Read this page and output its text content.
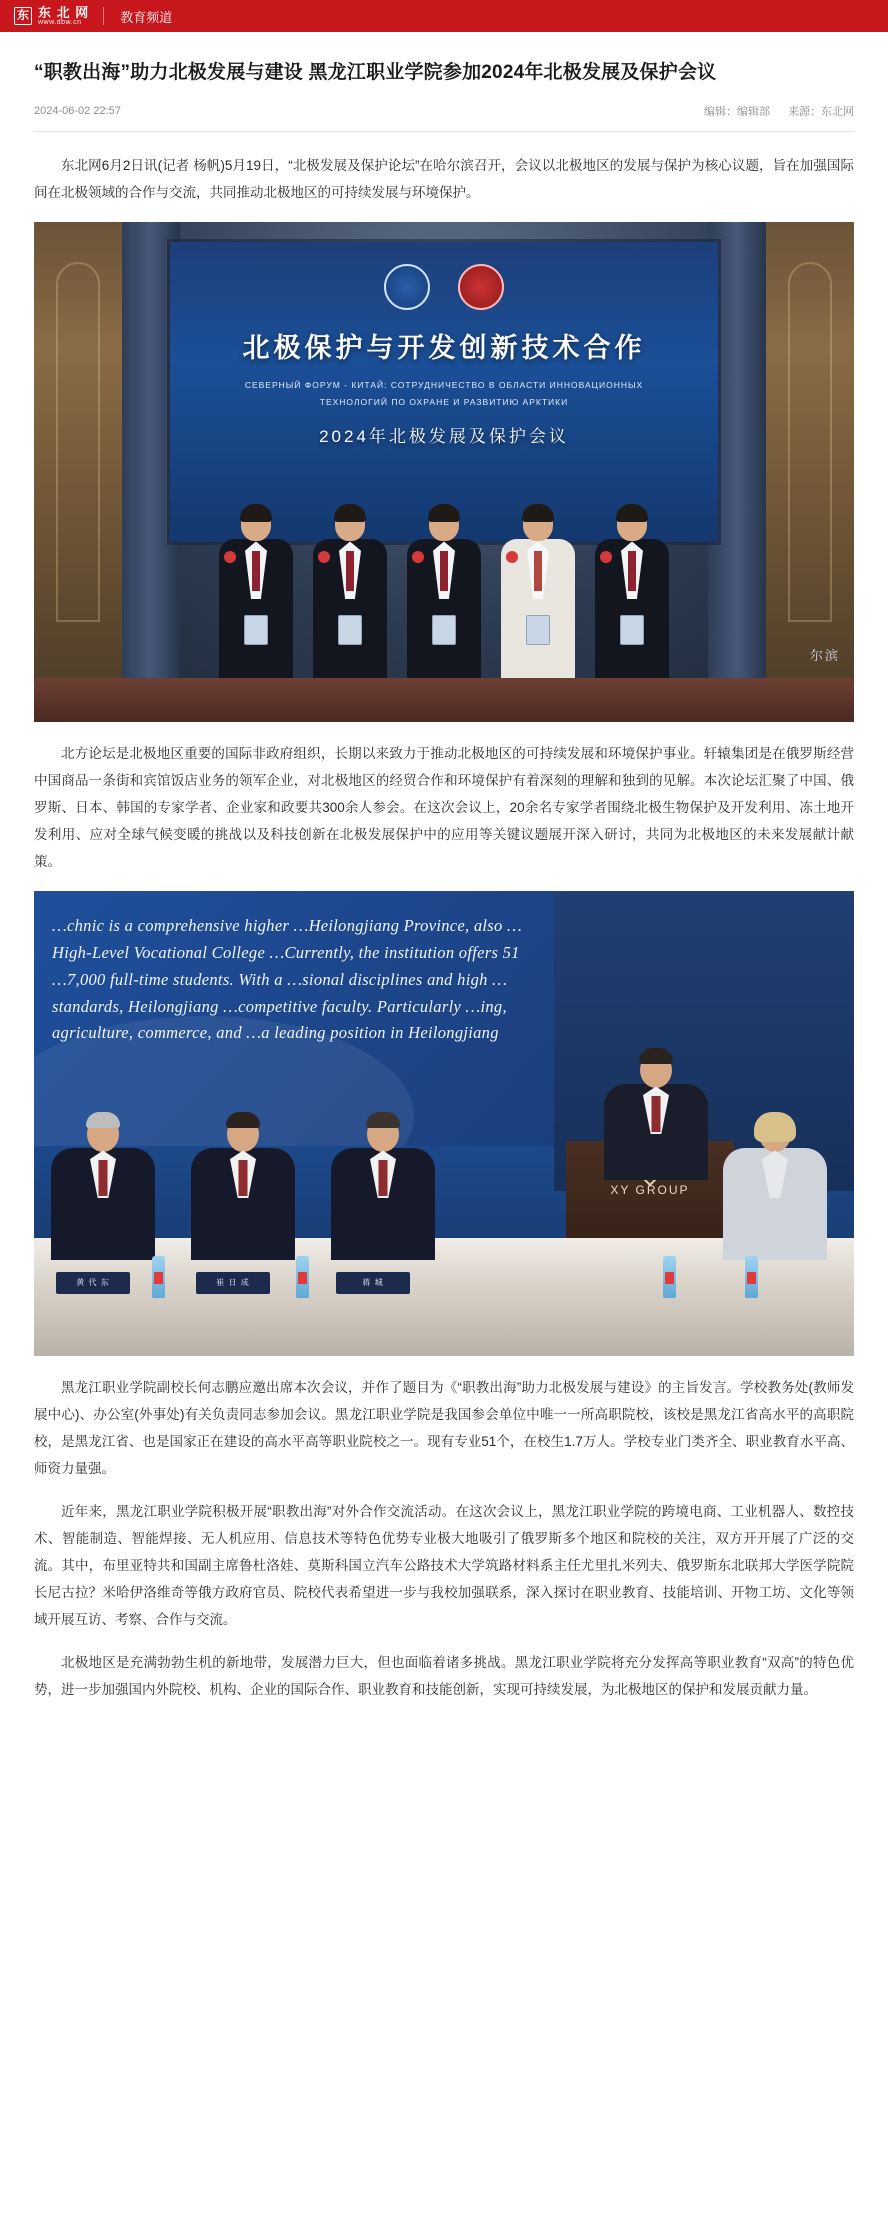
东 东 北 网
www.dbw.cn	教育频道
“职教出海”助力北极发展与建设 黑龙江职业学院参加2024年北极发展及保护会议
2024-06-02 22:57	编辑：编辑部 来源：东北网

东北网6月2日讯(记者 杨帆)5月19日，“北极发展及保护论坛”在哈尔滨召开，会议以北极地区的发展与保护为核心议题，旨在加强国际间在北极领域的合作与交流，共同推动北极地区的可持续发展与环境保护。

北极保护与开发创新技术合作
СЕВЕРНЫЙ ФОРУМ - КИТАЙ: СОТРУДНИЧЕСТВО В ОБЛАСТИ ИННОВАЦИОННЫХ ТЕХНОЛОГИЙ ПО ОХРАНЕ И РАЗВИТИЮ АРКТИКИ
2024年北极发展及保护会议
尔滨

北方论坛是北极地区重要的国际非政府组织，长期以来致力于推动北极地区的可持续发展和环境保护事业。轩辕集团是在俄罗斯经营中国商品一条街和宾馆饭店业务的领军企业，对北极地区的经贸合作和环境保护有着深刻的理解和独到的见解。本次论坛汇聚了中国、俄罗斯、日本、韩国的专家学者、企业家和政要共300余人参会。在这次会议上，20余名专家学者围绕北极生物保护及开发利用、冻土地开发利用、应对全球气候变暖的挑战以及科技创新在北极发展保护中的应用等关键议题展开深入研讨，共同为北极地区的未来发展献计献策。

…chnic is a comprehensive higher …Heilongjiang Province, also …High-Level Vocational College …Currently, the institution offers 51 …7,000 full-time students. With a …sional disciplines and high … standards, Heilongjiang …competitive faculty. Particularly …ing, agriculture, commerce, and …a leading position in Heilongjiang

XY GROUP
黄 代 东	崔 日 成	蒋 城

黑龙江职业学院副校长何志鹏应邀出席本次会议，并作了题目为《“职教出海”助力北极发展与建设》的主旨发言。学校教务处(教师发展中心)、办公室(外事处)有关负责同志参加会议。黑龙江职业学院是我国参会单位中唯一一所高职院校，该校是黑龙江省高水平的高职院校，是黑龙江省、也是国家正在建设的高水平高等职业院校之一。现有专业51个，在校生1.7万人。学校专业门类齐全、职业教育水平高、师资力量强。

近年来，黑龙江职业学院积极开展“职教出海”对外合作交流活动。在这次会议上，黑龙江职业学院的跨境电商、工业机器人、数控技术、智能制造、智能焊接、无人机应用、信息技术等特色优势专业极大地吸引了俄罗斯多个地区和院校的关注，双方开开展了广泛的交流。其中，布里亚特共和国副主席鲁杜洛娃、莫斯科国立汽车公路技术大学筑路材料系主任尤里扎米列夫、俄罗斯东北联邦大学医学院院长尼古拉？米哈伊洛维奇等俄方政府官员、院校代表希望进一步与我校加强联系，深入探讨在职业教育、技能培训、开物工坊、文化等领域开展互访、考察、合作与交流。

北极地区是充满勃勃生机的新地带，发展潜力巨大，但也面临着诸多挑战。黑龙江职业学院将充分发挥高等职业教育“双高”的特色优势，进一步加强国内外院校、机构、企业的国际合作、职业教育和技能创新，实现可持续发展，为北极地区的保护和发展贡献力量。
